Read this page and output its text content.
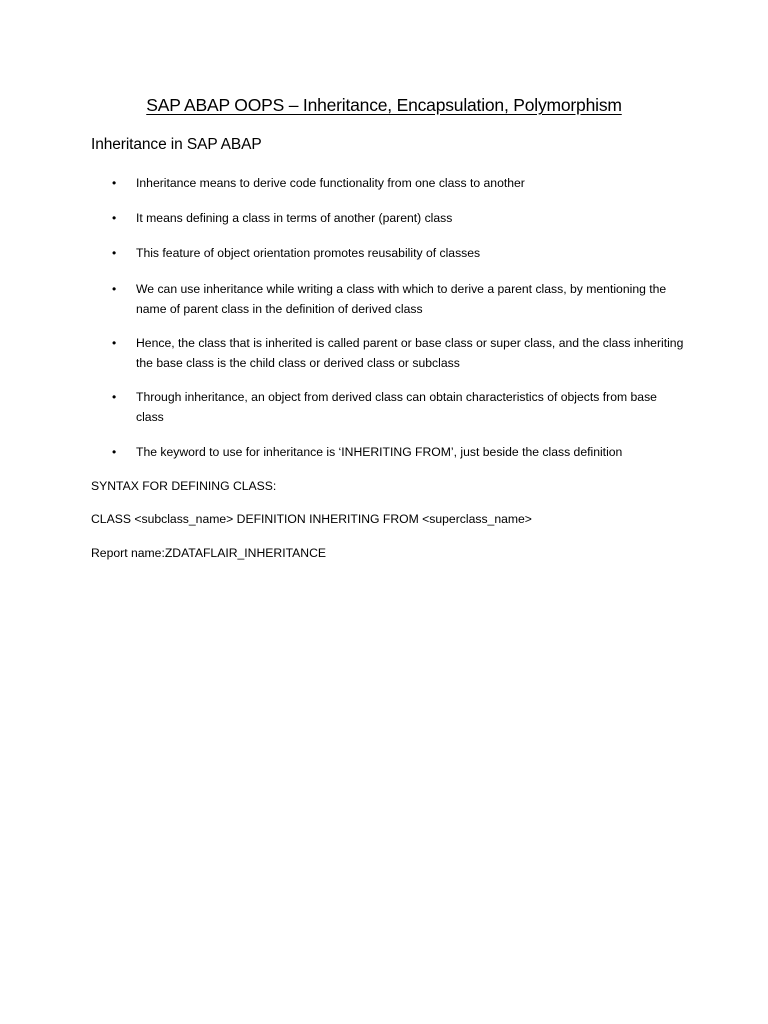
SAP ABAP OOPS – Inheritance, Encapsulation, Polymorphism
Inheritance in SAP ABAP
•	Inheritance means to derive code functionality from one class to another
•	It means defining a class in terms of another (parent) class
•	This feature of object orientation promotes reusability of classes
•	We can use inheritance while writing a class with which to derive a parent class, by mentioning the name of parent class in the definition of derived class
•	Hence, the class that is inherited is called parent or base class or super class, and the class inheriting the base class is the child class or derived class or subclass
•	Through inheritance, an object from derived class can obtain characteristics of objects from base class
•	The keyword to use for inheritance is ‘INHERITING FROM’, just beside the class definition
SYNTAX FOR DEFINING CLASS:
CLASS <subclass_name> DEFINITION INHERITING FROM <superclass_name>
Report name:ZDATAFLAIR_INHERITANCE
